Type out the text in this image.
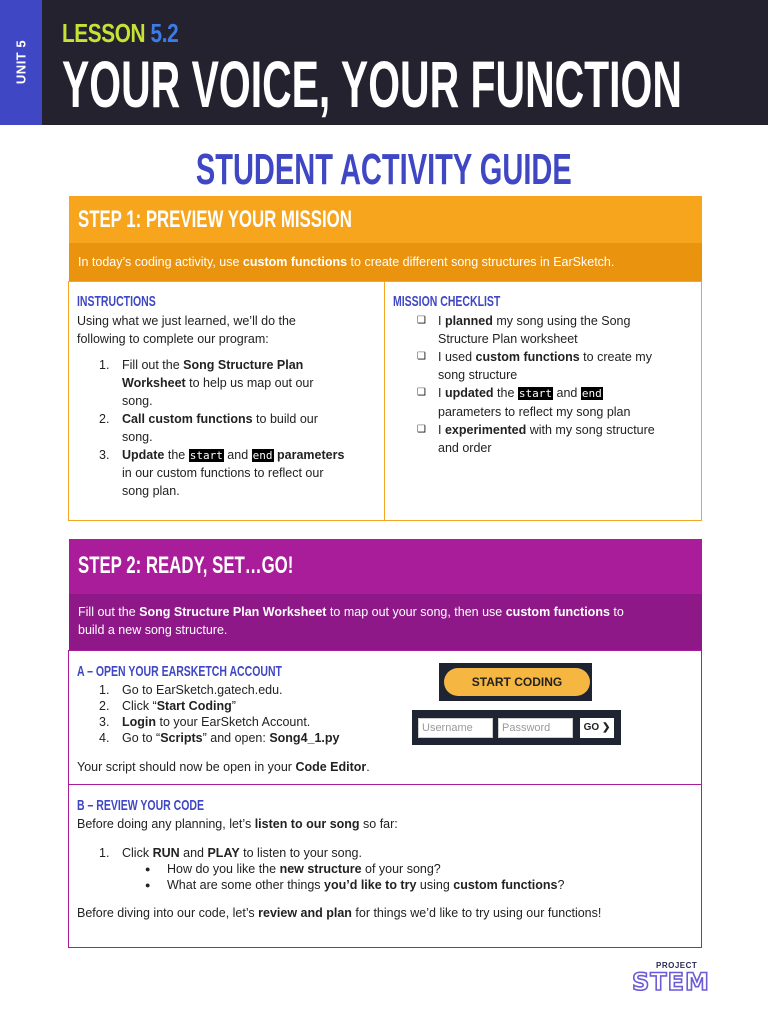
UNIT 5
LESSON 5.2
YOUR VOICE, YOUR FUNCTION
STUDENT ACTIVITY GUIDE
STEP 1: PREVIEW YOUR MISSION
In today’s coding activity, use custom functions to create different song structures in EarSketch.
INSTRUCTIONS
Using what we just learned, we’ll do the
following to complete our program:
1. Fill out the Song Structure Plan
Worksheet to help us map out our
song.
2. Call custom functions to build our
song.
3. Update the start and end parameters
in our custom functions to reflect our
song plan.
MISSION CHECKLIST
❑ I planned my song using the Song
Structure Plan worksheet
❑ I used custom functions to create my
song structure
❑ I updated the start and end
parameters to reflect my song plan
❑ I experimented with my song structure
and order
STEP 2: READY, SET…GO!
Fill out the Song Structure Plan Worksheet to map out your song, then use custom functions to
build a new song structure.
A – OPEN YOUR EARSKETCH ACCOUNT
1. Go to EarSketch.gatech.edu.
2. Click “Start Coding”
3. Login to your EarSketch Account.
4. Go to “Scripts” and open: Song4_1.py
Your script should now be open in your Code Editor.
START CODING
Username	Password	GO ❯
B – REVIEW YOUR CODE
Before doing any planning, let’s listen to our song so far:
1. Click RUN and PLAY to listen to your song.
● How do you like the new structure of your song?
● What are some other things you’d like to try using custom functions?
Before diving into our code, let’s review and plan for things we’d like to try using our functions!
PROJECT
STEM
